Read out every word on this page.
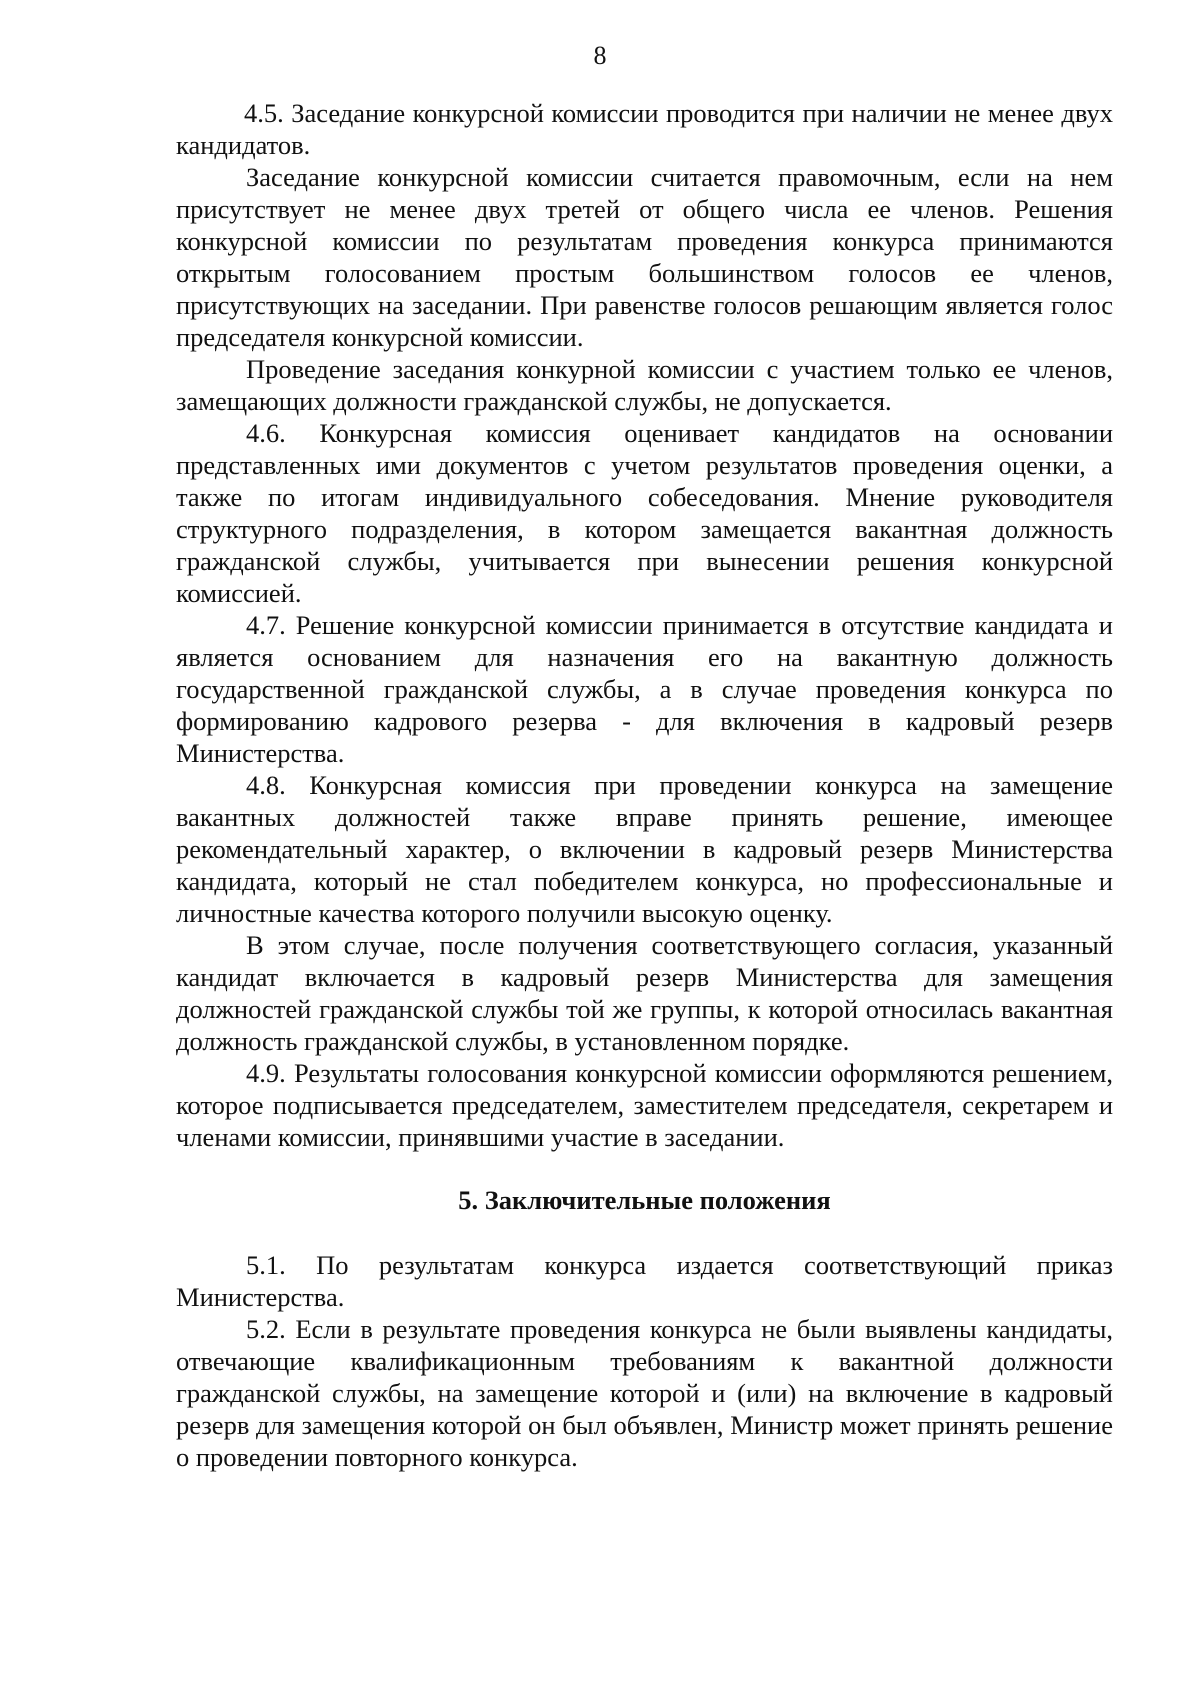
8

4.5. Заседание конкурсной комиссии проводится при наличии не менее двух кандидатов.

Заседание конкурсной комиссии считается правомочным, если на нем присутствует не менее двух третей от общего числа ее членов. Решения конкурсной комиссии по результатам проведения конкурса принимаются открытым голосованием простым большинством голосов ее членов, присутствующих на заседании. При равенстве голосов решающим является голос председателя конкурсной комиссии.

Проведение заседания конкурной комиссии с участием только ее членов, замещающих должности гражданской службы, не допускается.

4.6. Конкурсная комиссия оценивает кандидатов на основании представленных ими документов с учетом результатов проведения оценки, а также по итогам индивидуального собеседования. Мнение руководителя структурного подразделения, в котором замещается вакантная должность гражданской службы, учитывается при вынесении решения конкурсной комиссией.

4.7. Решение конкурсной комиссии принимается в отсутствие кандидата и является основанием для назначения его на вакантную должность государственной гражданской службы, а в случае проведения конкурса по формированию кадрового резерва - для включения в кадровый резерв Министерства.

4.8. Конкурсная комиссия при проведении конкурса на замещение вакантных должностей также вправе принять решение, имеющее рекомендательный характер, о включении в кадровый резерв Министерства кандидата, который не стал победителем конкурса, но профессиональные и личностные качества которого получили высокую оценку.

В этом случае, после получения соответствующего согласия, указанный кандидат включается в кадровый резерв Министерства для замещения должностей гражданской службы той же группы, к которой относилась вакантная должность гражданской службы, в установленном порядке.

4.9. Результаты голосования конкурсной комиссии оформляются решением, которое подписывается председателем, заместителем председателя, секретарем и членами комиссии, принявшими участие в заседании.

5. Заключительные положения

5.1. По результатам конкурса издается соответствующий приказ Министерства.

5.2. Если в результате проведения конкурса не были выявлены кандидаты, отвечающие квалификационным требованиям к вакантной должности гражданской службы, на замещение которой и (или) на включение в кадровый резерв для замещения которой он был объявлен, Министр может принять решение о проведении повторного конкурса.
